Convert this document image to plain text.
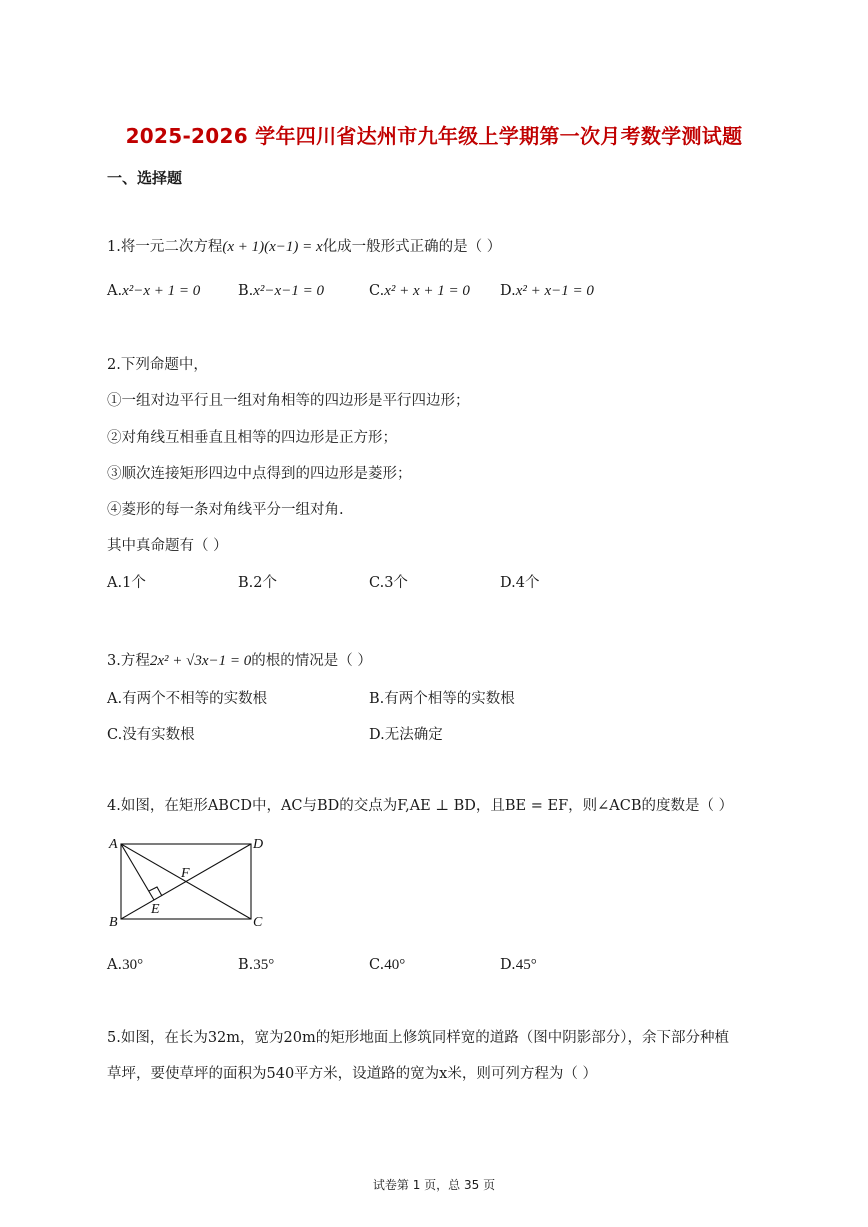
2025-2026 学年四川省达州市九年级上学期第一次月考数学测试题
一、选择题
1.将一元二次方程(x + 1)(x−1) = x化成一般形式正确的是（ ）
A.x²−x + 1 = 0	B.x²−x−1 = 0	C.x² + x + 1 = 0 D.x² + x−1 = 0
2.下列命题中，
①一组对边平行且一组对角相等的四边形是平行四边形；
②对角线互相垂直且相等的四边形是正方形；
③顺次连接矩形四边中点得到的四边形是菱形；
④菱形的每一条对角线平分一组对角.
其中真命题有（ ）
A.1个	B.2个	C.3个	D.4个
3.方程2x² + √3x−1 = 0的根的情况是（ ）
A.有两个不相等的实数根	B.有两个相等的实数根
C.没有实数根	D.无法确定
4.如图，在矩形ABCD中，AC与BD的交点为F,AE ⊥ BD，且BE = EF，则∠ACB的度数是（ ）
A	D
B	C
F
E
A.30°	B.35°	C.40°	D.45°
5.如图，在长为32m，宽为20m的矩形地面上修筑同样宽的道路（图中阴影部分），余下部分种植
草坪，要使草坪的面积为540平方米，设道路的宽为x米，则可列方程为（ ）
试卷第 1 页，总 35 页
